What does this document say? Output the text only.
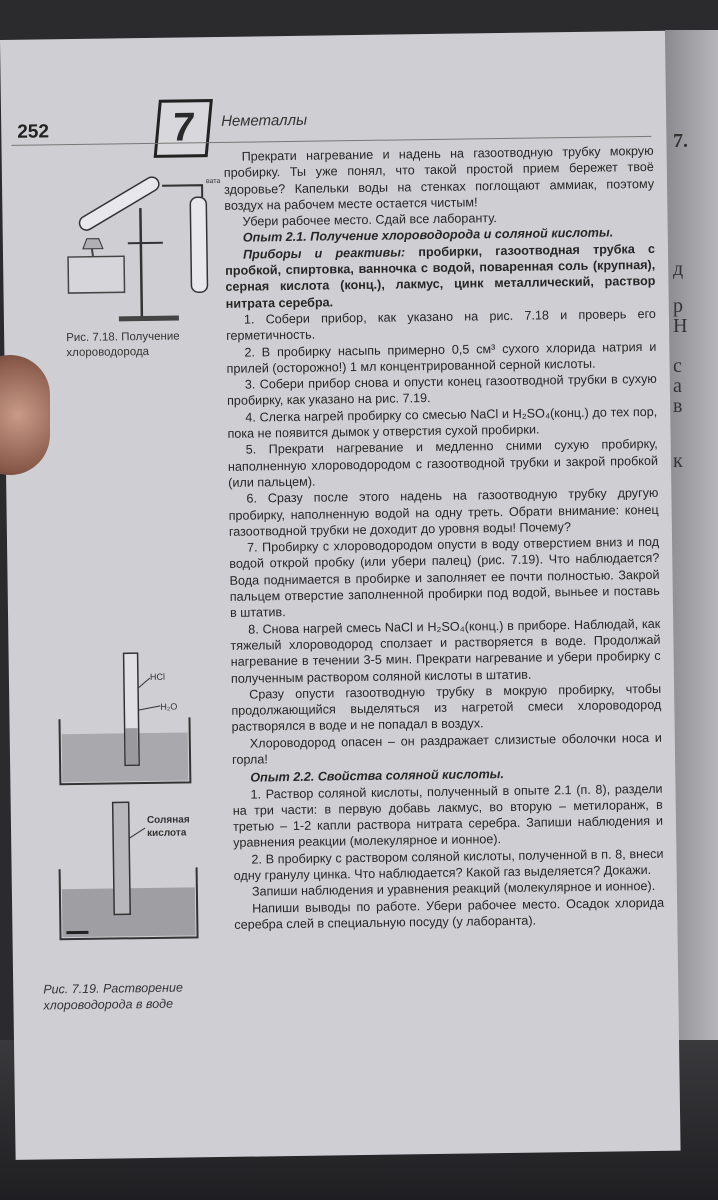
7.
д
р
Н
с
а
в
к
252	7	Неметаллы
вата
Рис. 7.18. Получение хлороводорода
HCl
H₂O
Соляная кислота
Рис. 7.19. Растворение хлороводорода в воде

Прекрати нагревание и надень на газоотводную трубку мокрую пробирку. Ты уже понял, что такой простой прием бережет твоё здоровье? Капельки воды на стенках поглощают аммиак, поэтому воздух на рабочем месте остается чистым!

Убери рабочее место. Сдай все лаборанту.

Опыт 2.1. Получение хлороводорода и соляной кислоты.

Приборы и реактивы: пробирки, газоотводная трубка с пробкой, спиртовка, ванночка с водой, поваренная соль (крупная), серная кислота (конц.), лакмус, цинк металлический, раствор нитрата серебра.

1. Собери прибор, как указано на рис. 7.18 и проверь его герметичность.

2. В пробирку насыпь примерно 0,5 см³ сухого хлорида натрия и прилей (осторожно!) 1 мл концентрированной серной кислоты.

3. Собери прибор снова и опусти конец газоотводной трубки в сухую пробирку, как указано на рис. 7.19.

4. Слегка нагрей пробирку со смесью NaCl и H₂SO₄(конц.) до тех пор, пока не появится дымок у отверстия сухой пробирки.

5. Прекрати нагревание и медленно сними сухую пробирку, наполненную хлороводородом с газоотводной трубки и закрой пробкой (или пальцем).

6. Сразу после этого надень на газоотводную трубку другую пробирку, наполненную водой на одну треть. Обрати внимание: конец газоотводной трубки не доходит до уровня воды! Почему?

7. Пробирку с хлороводородом опусти в воду отверстием вниз и под водой открой пробку (или убери палец) (рис. 7.19). Что наблюдается? Вода поднимается в пробирке и заполняет ее почти полностью. Закрой пальцем отверстие заполненной пробирки под водой, выньее и поставь в штатив.

8. Снова нагрей смесь NaCl и H₂SO₄(конц.) в приборе. Наблюдай, как тяжелый хлороводород сползает и растворяется в воде. Продолжай нагревание в течении 3-5 мин. Прекрати нагревание и убери пробирку с полученным раствором соляной кислоты в штатив.

Сразу опусти газоотводную трубку в мокрую пробирку, чтобы продолжающийся выделяться из нагретой смеси хлороводород растворялся в воде и не попадал в воздух.

Хлороводород опасен – он раздражает слизистые оболочки носа и горла!

Опыт 2.2. Свойства соляной кислоты.

1. Раствор соляной кислоты, полученный в опыте 2.1 (п. 8), раздели на три части: в первую добавь лакмус, во вторую – метилоранж, в третью – 1-2 капли раствора нитрата серебра. Запиши наблюдения и уравнения реакции (молекулярное и ионное).

2. В пробирку с раствором соляной кислоты, полученной в п. 8, внеси одну гранулу цинка. Что наблюдается? Какой газ выделяется? Докажи.

Запиши наблюдения и уравнения реакций (молекулярное и ионное).

Напиши выводы по работе. Убери рабочее место. Осадок хлорида серебра слей в специальную посуду (у лаборанта).
